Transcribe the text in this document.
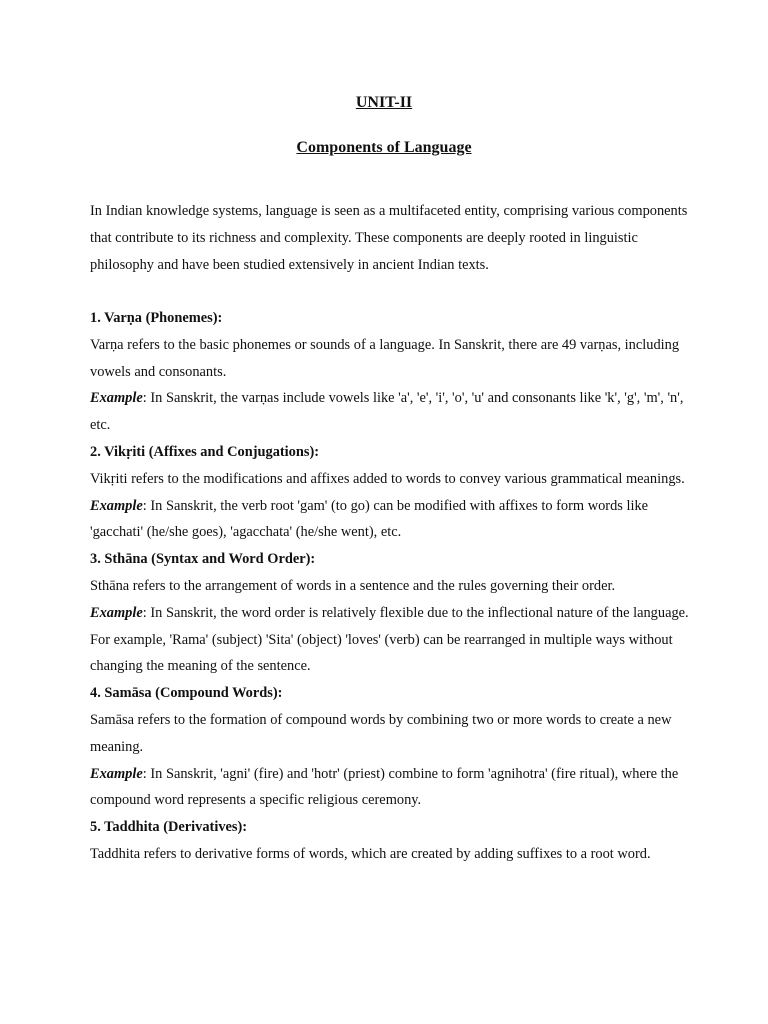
UNIT-II
Components of Language

In Indian knowledge systems, language is seen as a multifaceted entity, comprising various components that contribute to its richness and complexity. These components are deeply rooted in linguistic philosophy and have been studied extensively in ancient Indian texts.

1. Varṇa (Phonemes):

Varṇa refers to the basic phonemes or sounds of a language. In Sanskrit, there are 49 varṇas, including vowels and consonants.

Example: In Sanskrit, the varṇas include vowels like 'a', 'e', 'i', 'o', 'u' and consonants like 'k', 'g', 'm', 'n', etc.

2. Vikṛiti (Affixes and Conjugations):

Vikṛiti refers to the modifications and affixes added to words to convey various grammatical meanings.

Example: In Sanskrit, the verb root 'gam' (to go) can be modified with affixes to form words like 'gacchati' (he/she goes), 'agacchata' (he/she went), etc.

3. Sthāna (Syntax and Word Order):

Sthāna refers to the arrangement of words in a sentence and the rules governing their order.

Example: In Sanskrit, the word order is relatively flexible due to the inflectional nature of the language. For example, 'Rama' (subject) 'Sita' (object) 'loves' (verb) can be rearranged in multiple ways without changing the meaning of the sentence.

4. Samāsa (Compound Words):

Samāsa refers to the formation of compound words by combining two or more words to create a new meaning.

Example: In Sanskrit, 'agni' (fire) and 'hotr' (priest) combine to form 'agnihotra' (fire ritual), where the compound word represents a specific religious ceremony.

5. Taddhita (Derivatives):

Taddhita refers to derivative forms of words, which are created by adding suffixes to a root word.
